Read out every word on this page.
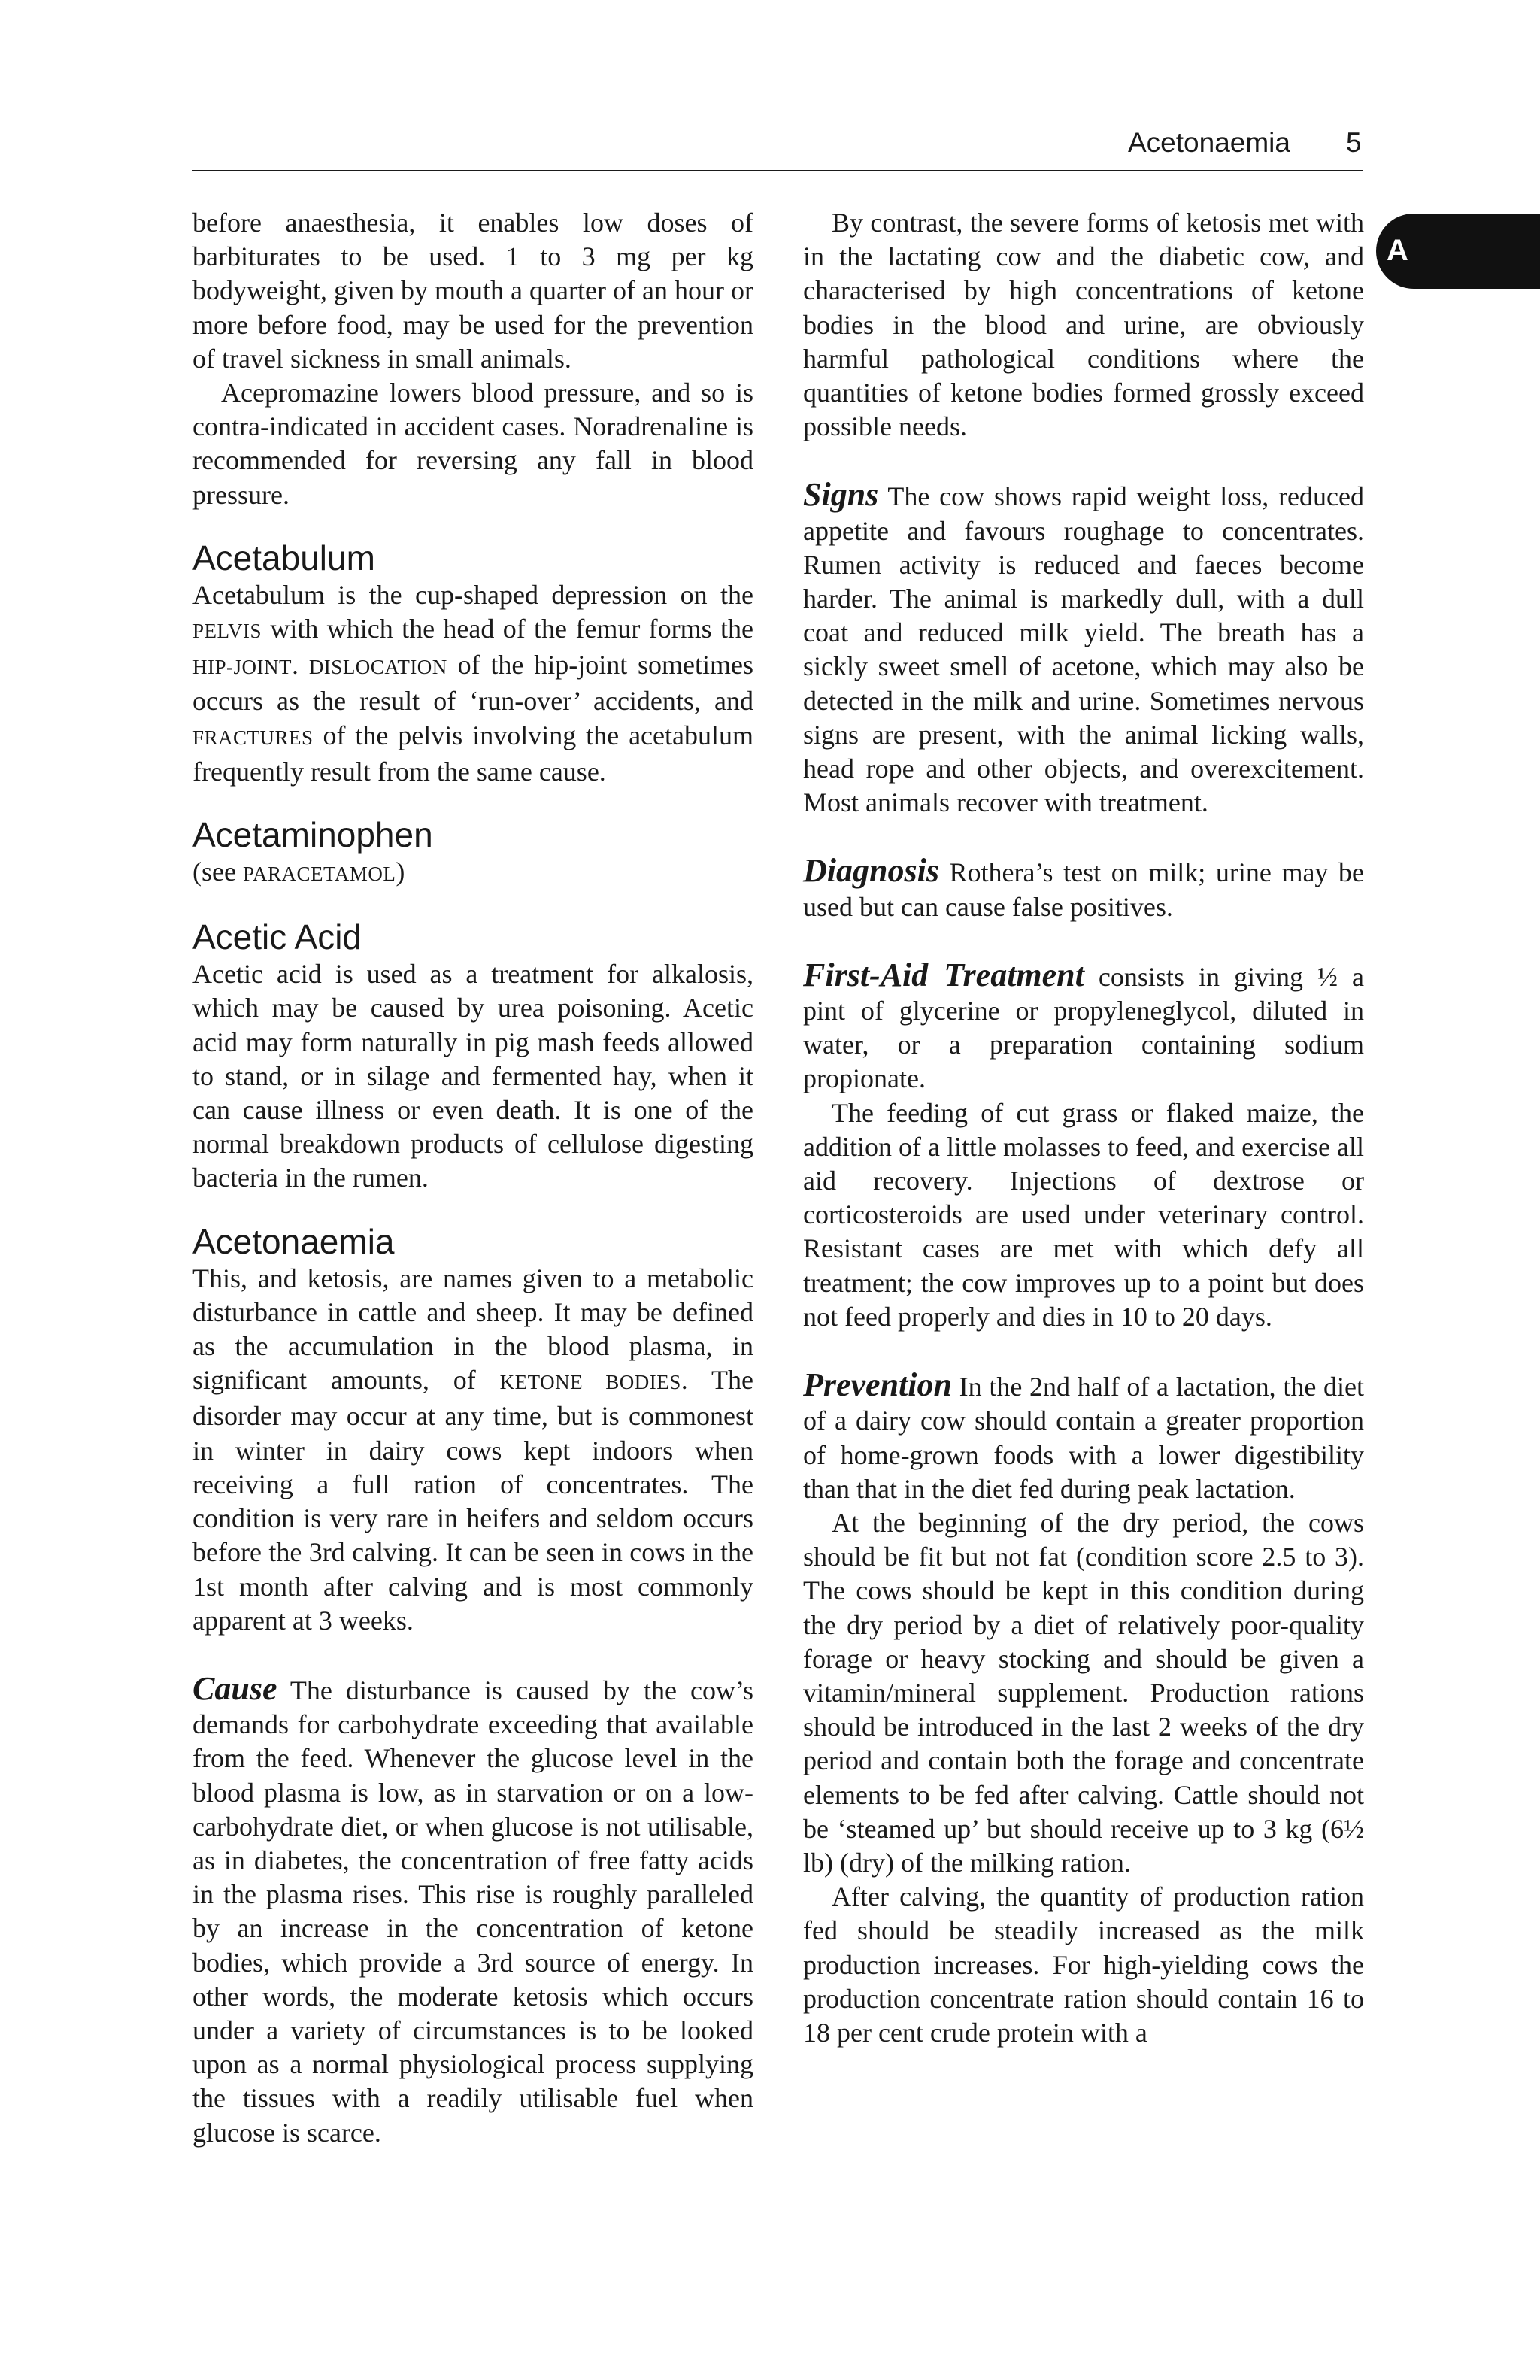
Acetonaemia 5
A

before anaesthesia, it enables low doses of barbiturates to be used. 1 to 3 mg per kg bodyweight, given by mouth a quarter of an hour or more before food, may be used for the prevention of travel sickness in small animals.

Acepromazine lowers blood pressure, and so is contra-indicated in accident cases. Noradrenaline is recommended for reversing any fall in blood pressure.

Acetabulum

Acetabulum is the cup-shaped depression on the PELVIS with which the head of the femur forms the HIP-JOINT. DISLOCATION of the hip-joint sometimes occurs as the result of ‘run-over’ accidents, and FRACTURES of the pelvis involving the acetabulum frequently result from the same cause.

Acetaminophen

(see PARACETAMOL)

Acetic Acid

Acetic acid is used as a treatment for alkalosis, which may be caused by urea poisoning. Acetic acid may form naturally in pig mash feeds allowed to stand, or in silage and fermented hay, when it can cause illness or even death. It is one of the normal breakdown products of cellulose digesting bacteria in the rumen.

Acetonaemia

This, and ketosis, are names given to a metabolic disturbance in cattle and sheep. It may be defined as the accumulation in the blood plasma, in significant amounts, of KETONE BODIES. The disorder may occur at any time, but is commonest in winter in dairy cows kept indoors when receiving a full ration of concentrates. The condition is very rare in heifers and seldom occurs before the 3rd calving. It can be seen in cows in the 1st month after calving and is most commonly apparent at 3 weeks.

Cause The disturbance is caused by the cow’s demands for carbohydrate exceeding that available from the feed. Whenever the glucose level in the blood plasma is low, as in starvation or on a low-carbohydrate diet, or when glucose is not utilisable, as in diabetes, the concentration of free fatty acids in the plasma rises. This rise is roughly paralleled by an increase in the concentration of ketone bodies, which provide a 3rd source of energy. In other words, the moderate ketosis which occurs under a variety of circumstances is to be looked upon as a normal physiological process supplying the tissues with a readily utilisable fuel when glucose is scarce.

By contrast, the severe forms of ketosis met with in the lactating cow and the diabetic cow, and characterised by high concentrations of ketone bodies in the blood and urine, are obviously harmful pathological conditions where the quantities of ketone bodies formed grossly exceed possible needs.

Signs The cow shows rapid weight loss, reduced appetite and favours roughage to concentrates. Rumen activity is reduced and faeces become harder. The animal is markedly dull, with a dull coat and reduced milk yield. The breath has a sickly sweet smell of acetone, which may also be detected in the milk and urine. Sometimes nervous signs are present, with the animal licking walls, head rope and other objects, and overexcitement. Most animals recover with treatment.

Diagnosis Rothera’s test on milk; urine may be used but can cause false positives.

First-Aid Treatment consists in giving ½ a pint of glycerine or propyleneglycol, diluted in water, or a preparation containing sodium propionate.

The feeding of cut grass or flaked maize, the addition of a little molasses to feed, and exercise all aid recovery. Injections of dextrose or corticosteroids are used under veterinary control. Resistant cases are met with which defy all treatment; the cow improves up to a point but does not feed properly and dies in 10 to 20 days.

Prevention In the 2nd half of a lactation, the diet of a dairy cow should contain a greater proportion of home-grown foods with a lower digestibility than that in the diet fed during peak lactation.

At the beginning of the dry period, the cows should be fit but not fat (condition score 2.5 to 3). The cows should be kept in this condition during the dry period by a diet of relatively poor-quality forage or heavy stocking and should be given a vitamin/mineral supplement. Production rations should be introduced in the last 2 weeks of the dry period and contain both the forage and concentrate elements to be fed after calving. Cattle should not be ‘steamed up’ but should receive up to 3 kg (6½ lb) (dry) of the milking ration.

After calving, the quantity of production ration fed should be steadily increased as the milk production increases. For high-yielding cows the production concentrate ration should contain 16 to 18 per cent crude protein with a
